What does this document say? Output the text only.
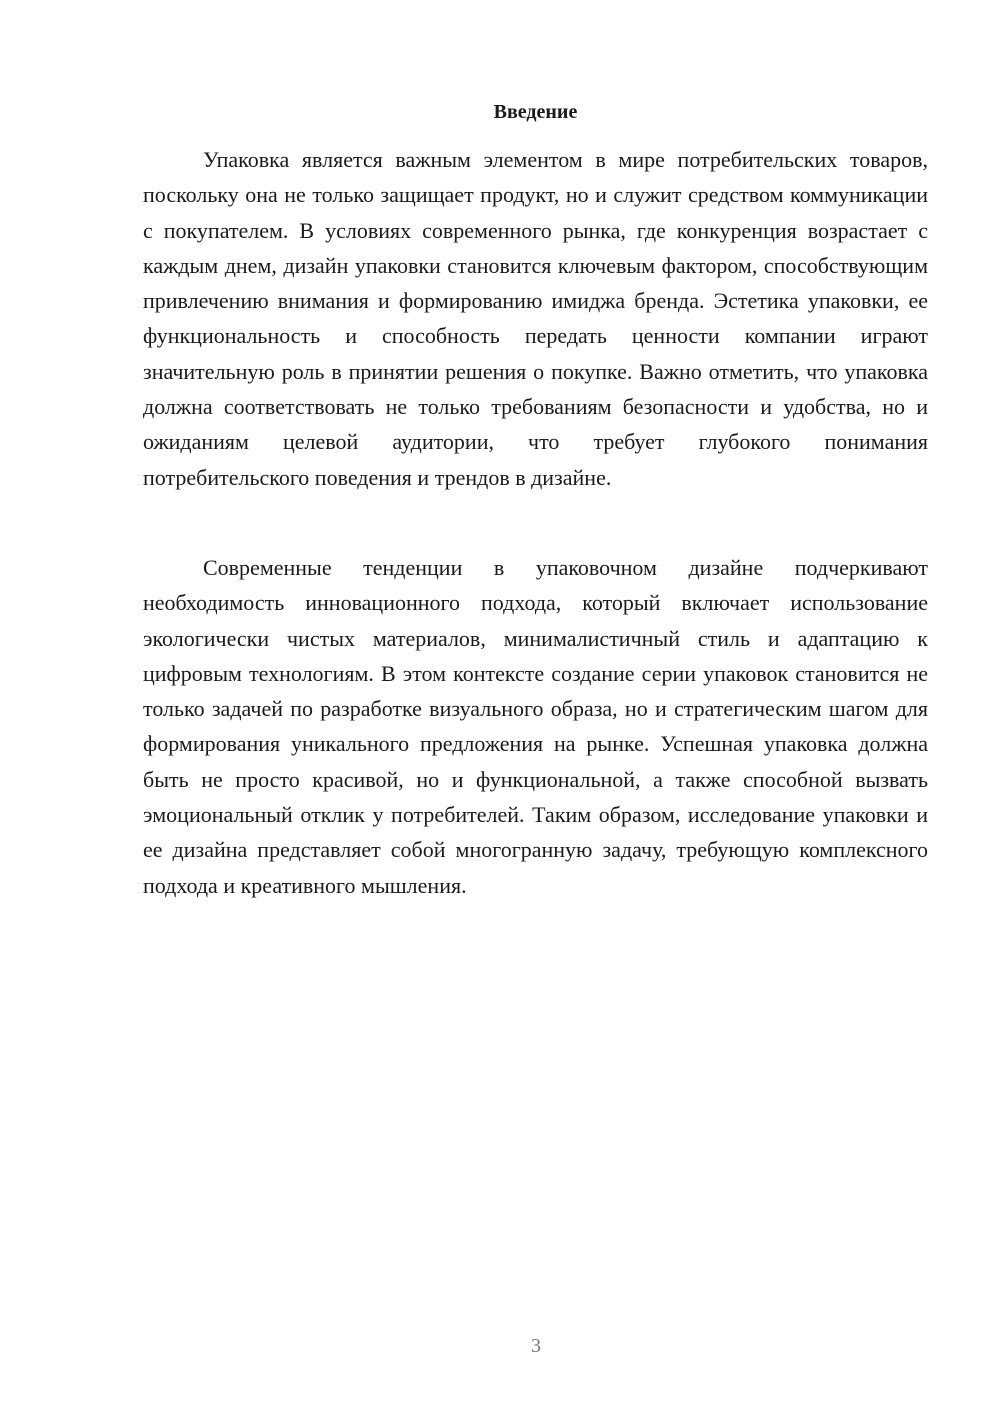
Введение

Упаковка является важным элементом в мире потребительских товаров, поскольку она не только защищает продукт, но и служит средством коммуникации с покупателем. В условиях современного рынка, где конкуренция возрастает с каждым днем, дизайн упаковки становится ключевым фактором, способствующим привлечению внимания и формированию имиджа бренда. Эстетика упаковки, ее функциональность и способность передать ценности компании играют значительную роль в принятии решения о покупке. Важно отметить, что упаковка должна соответствовать не только требованиям безопасности и удобства, но и ожиданиям целевой аудитории, что требует глубокого понимания потребительского поведения и трендов в дизайне.

Современные тенденции в упаковочном дизайне подчеркивают необходимость инновационного подхода, который включает использование экологически чистых материалов, минималистичный стиль и адаптацию к цифровым технологиям. В этом контексте создание серии упаковок становится не только задачей по разработке визуального образа, но и стратегическим шагом для формирования уникального предложения на рынке. Успешная упаковка должна быть не просто красивой, но и функциональной, а также способной вызвать эмоциональный отклик у потребителей. Таким образом, исследование упаковки и ее дизайна представляет собой многогранную задачу, требующую комплексного подхода и креативного мышления.

3
